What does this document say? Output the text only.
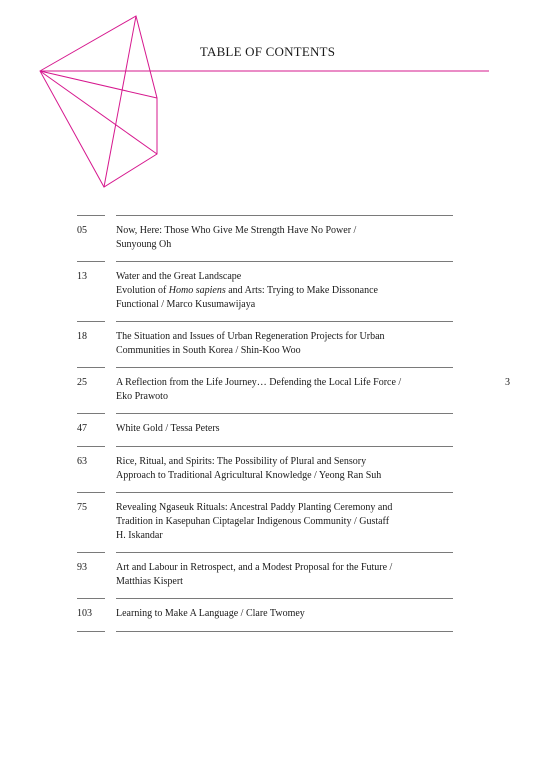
TABLE OF CONTENTS
3
05	Now, Here: Those Who Give Me Strength Have No Power /
Sunyoung Oh
13	Water and the Great Landscape
Evolution of Homo sapiens and Arts: Trying to Make Dissonance
Functional / Marco Kusumawijaya
18	The Situation and Issues of Urban Regeneration Projects for Urban
Communities in South Korea / Shin-Koo Woo
25	A Reflection from the Life Journey… Defending the Local Life Force /
Eko Prawoto
47	White Gold / Tessa Peters
63	Rice, Ritual, and Spirits: The Possibility of Plural and Sensory
Approach to Traditional Agricultural Knowledge / Yeong Ran Suh
75	Revealing Ngaseuk Rituals: Ancestral Paddy Planting Ceremony and
Tradition in Kasepuhan Ciptagelar Indigenous Community / Gustaff
H. Iskandar
93	Art and Labour in Retrospect, and a Modest Proposal for the Future /
Matthias Kispert
103	Learning to Make A Language / Clare Twomey
